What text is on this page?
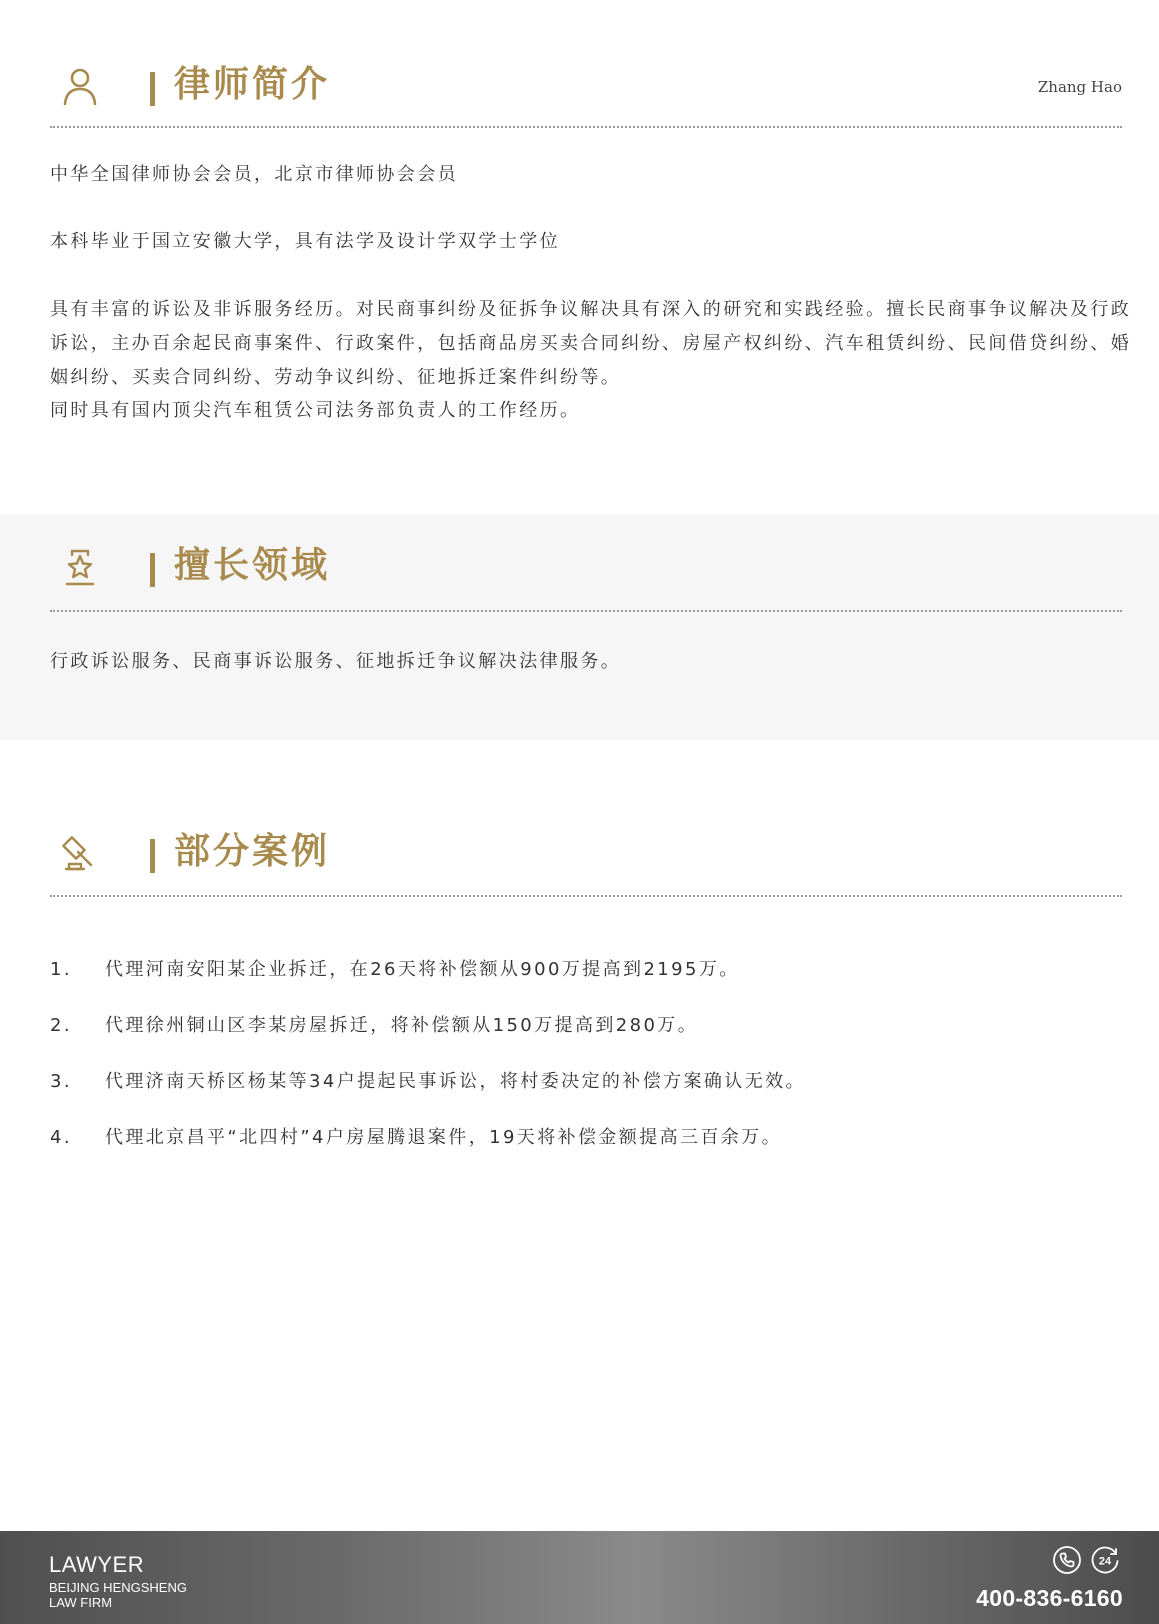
律师简介	Zhang Hao

中华全国律师协会会员，北京市律师协会会员

本科毕业于国立安徽大学，具有法学及设计学双学士学位

具有丰富的诉讼及非诉服务经历。对民商事纠纷及征拆争议解决具有深入的研究和实践经验。擅长民商事争议解决及行政诉讼，主办百余起民商事案件、行政案件，包括商品房买卖合同纠纷、房屋产权纠纷、汽车租赁纠纷、民间借贷纠纷、婚姻纠纷、买卖合同纠纷、劳动争议纠纷、征地拆迁案件纠纷等。

同时具有国内顶尖汽车租赁公司法务部负责人的工作经历。

擅长领域

行政诉讼服务、民商事诉讼服务、征地拆迁争议解决法律服务。

部分案例
1. 代理河南安阳某企业拆迁，在26天将补偿额从900万提高到2195万。
2. 代理徐州铜山区李某房屋拆迁，将补偿额从150万提高到280万。
3. 代理济南天桥区杨某等34户提起民事诉讼，将村委决定的补偿方案确认无效。
4. 代理北京昌平“北四村”4户房屋腾退案件，19天将补偿金额提高三百余万。
LAWYER
BEIJING HENGSHENG
LAW FIRM
24
400-836-6160
